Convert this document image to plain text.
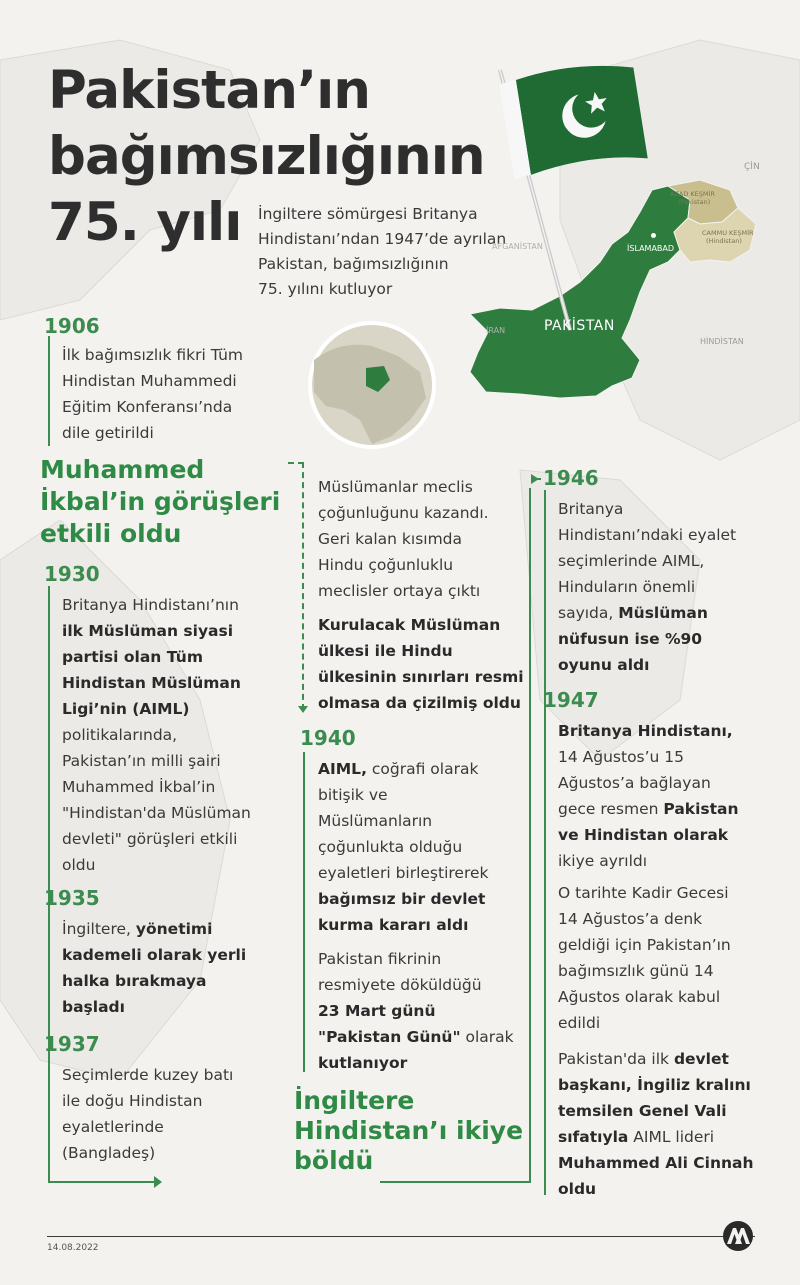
Pakistan’ın
bağımsızlığının
75. yılı	İngiltere sömürgesi Britanya
Hindistanı’ndan 1947’de ayrılan
Pakistan, bağımsızlığının
75. yılını kutluyor
PAKİSTAN
İSLAMABAD
AZAD KEŞMİR
(Pakistan)
CAMMU KEŞMİR
(Hindistan)
ÇİN
AFGANİSTAN
HİNDİSTAN
İRAN
1906
İlk bağımsızlık fikri Tüm
Hindistan Muhammedi
Eğitim Konferansı’nda
dile getirildi
Muhammed
İkbal’in görüşleri
etkili oldu
1930
Britanya Hindistanı’nın
ilk Müslüman siyasi
partisi olan Tüm
Hindistan Müslüman
Ligi’nin (AIML)
politikalarında,
Pakistan’ın milli şairi
Muhammed İkbal’in
"Hindistan'da Müslüman
devleti" görüşleri etkili
oldu
1935
İngiltere, yönetimi
kademeli olarak yerli
halka bırakmaya
başladı
1937
Seçimlerde kuzey batı
ile doğu Hindistan
eyaletlerinde
(Bangladeş)
Müslümanlar meclis
çoğunluğunu kazandı.
Geri kalan kısımda
Hindu çoğunluklu
meclisler ortaya çıktı
Kurulacak Müslüman
ülkesi ile Hindu
ülkesinin sınırları resmi
olmasa da çizilmiş oldu
1940
AIML, coğrafi olarak
bitişik ve
Müslümanların
çoğunlukta olduğu
eyaletleri birleştirerek
bağımsız bir devlet
kurma kararı aldı
Pakistan fikrinin
resmiyete döküldüğü
23 Mart günü
"Pakistan Günü" olarak
kutlanıyor
İngiltere
Hindistan’ı ikiye
böldü
1946
Britanya
Hindistanı’ndaki eyalet
seçimlerinde AIML,
Hinduların önemli
sayıda, Müslüman
nüfusun ise %90
oyunu aldı
1947
Britanya Hindistanı,
14 Ağustos’u 15
Ağustos’a bağlayan
gece resmen Pakistan
ve Hindistan olarak
ikiye ayrıldı
O tarihte Kadir Gecesi
14 Ağustos’a denk
geldiği için Pakistan’ın
bağımsızlık günü 14
Ağustos olarak kabul
edildi
Pakistan'da ilk devlet
başkanı, İngiliz kralını
temsilen Genel Vali
sıfatıyla AIML lideri
Muhammed Ali Cinnah
oldu
14.08.2022
